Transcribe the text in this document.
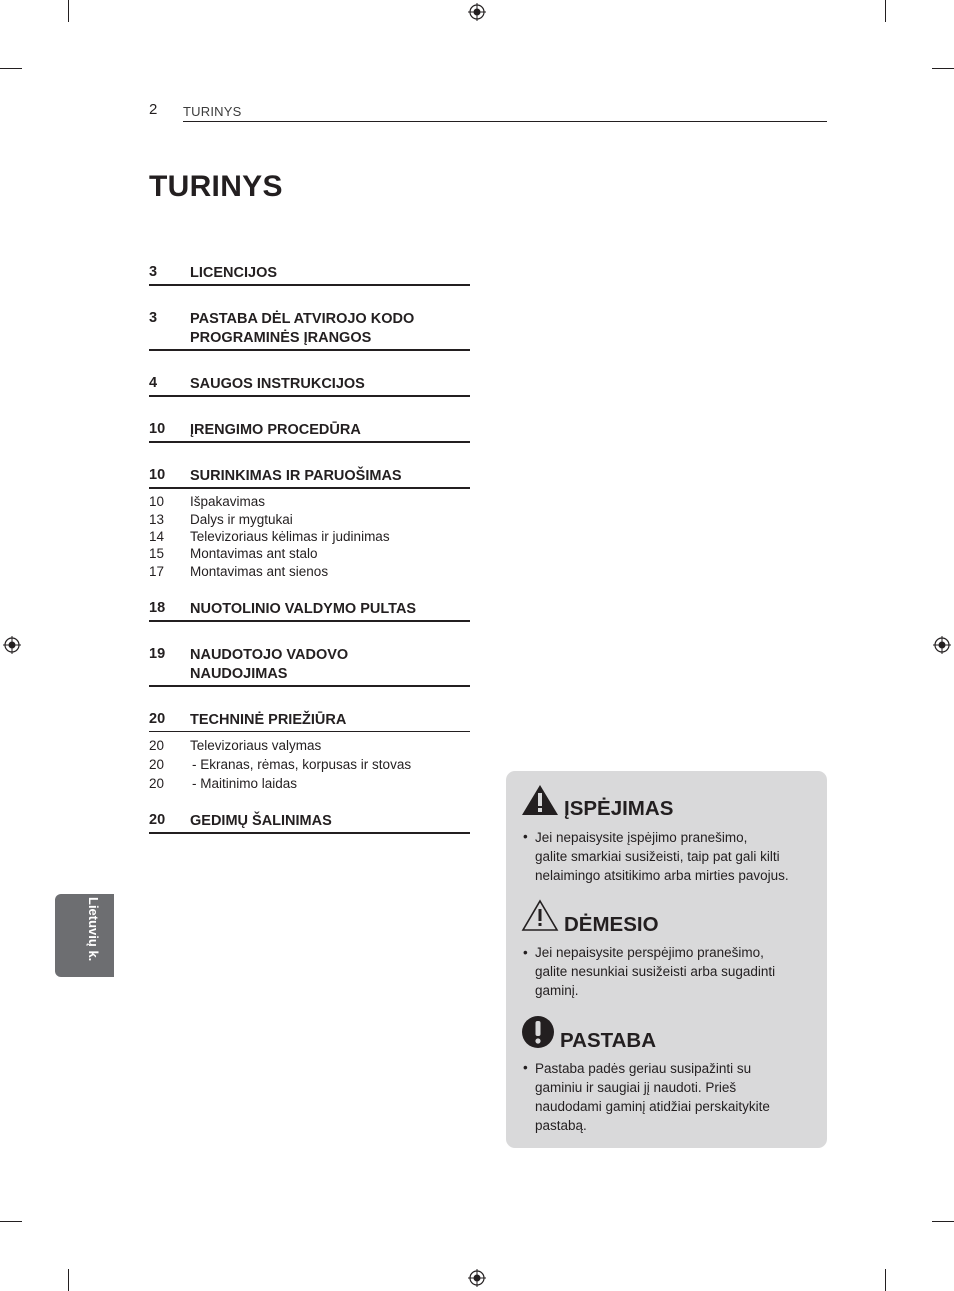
2 TURINYS
TURINYS
3 LICENCIJOS
3 PASTABA DĖL ATVIROJO KODO
PROGRAMINĖS ĮRANGOS
4 SAUGOS INSTRUKCIJOS
10 ĮRENGIMO PROCEDŪRA
10 SURINKIMAS IR PARUOŠIMAS
10 Išpakavimas
13 Dalys ir mygtukai
14 Televizoriaus kėlimas ir judinimas
15 Montavimas ant stalo
17 Montavimas ant sienos
18 NUOTOLINIO VALDYMO PULTAS
19 NAUDOTOJO VADOVO
NAUDOJIMAS
20 TECHNINĖ PRIEŽIŪRA
20 Televizoriaus valymas
20 - Ekranas, rėmas, korpusas ir stovas
20 - Maitinimo laidas
20 GEDIMŲ ŠALINIMAS
Lietuvių k.
ĮSPĖJIMAS
• Jei nepaisysite įspėjimo pranešimo,
galite smarkiai susižeisti, taip pat gali kilti
nelaimingo atsitikimo arba mirties pavojus.
DĖMESIO
• Jei nepaisysite perspėjimo pranešimo,
galite nesunkiai susižeisti arba sugadinti
gaminį.
PASTABA
• Pastaba padės geriau susipažinti su
gaminiu ir saugiai jį naudoti. Prieš
naudodami gaminį atidžiai perskaitykite
pastabą.
